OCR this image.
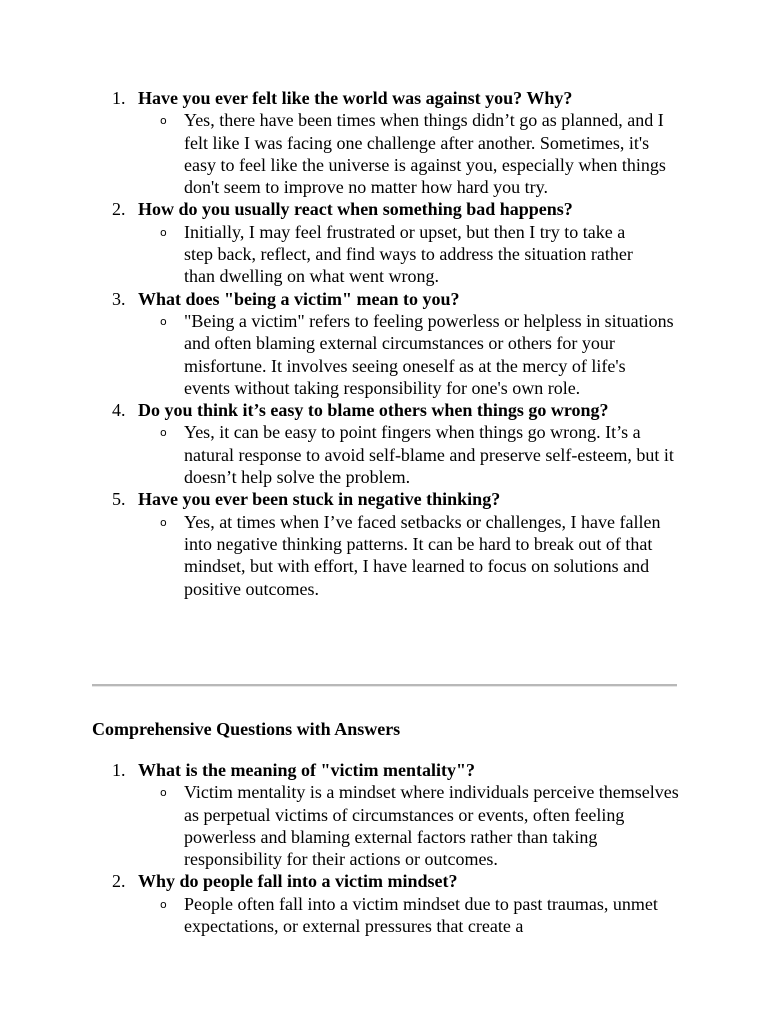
1. Have you ever felt like the world was against you? Why?
o Yes, there have been times when things didn’t go as planned, and I felt like I was facing one challenge after another. Sometimes, it's easy to feel like the universe is against you, especially when things don't seem to improve no matter how hard you try.
2. How do you usually react when something bad happens?
o Initially, I may feel frustrated or upset, but then I try to take a step back, reflect, and find ways to address the situation rather than dwelling on what went wrong.
3. What does "being a victim" mean to you?
o "Being a victim" refers to feeling powerless or helpless in situations and often blaming external circumstances or others for your misfortune. It involves seeing oneself as at the mercy of life's events without taking responsibility for one's own role.
4. Do you think it’s easy to blame others when things go wrong?
o Yes, it can be easy to point fingers when things go wrong. It’s a natural response to avoid self-blame and preserve self-esteem, but it doesn’t help solve the problem.
5. Have you ever been stuck in negative thinking?
o Yes, at times when I’ve faced setbacks or challenges, I have fallen into negative thinking patterns. It can be hard to break out of that mindset, but with effort, I have learned to focus on solutions and positive outcomes.
Comprehensive Questions with Answers
1. What is the meaning of "victim mentality"?
o Victim mentality is a mindset where individuals perceive themselves as perpetual victims of circumstances or events, often feeling powerless and blaming external factors rather than taking responsibility for their actions or outcomes.
2. Why do people fall into a victim mindset?
o People often fall into a victim mindset due to past traumas, unmet expectations, or external pressures that create a
